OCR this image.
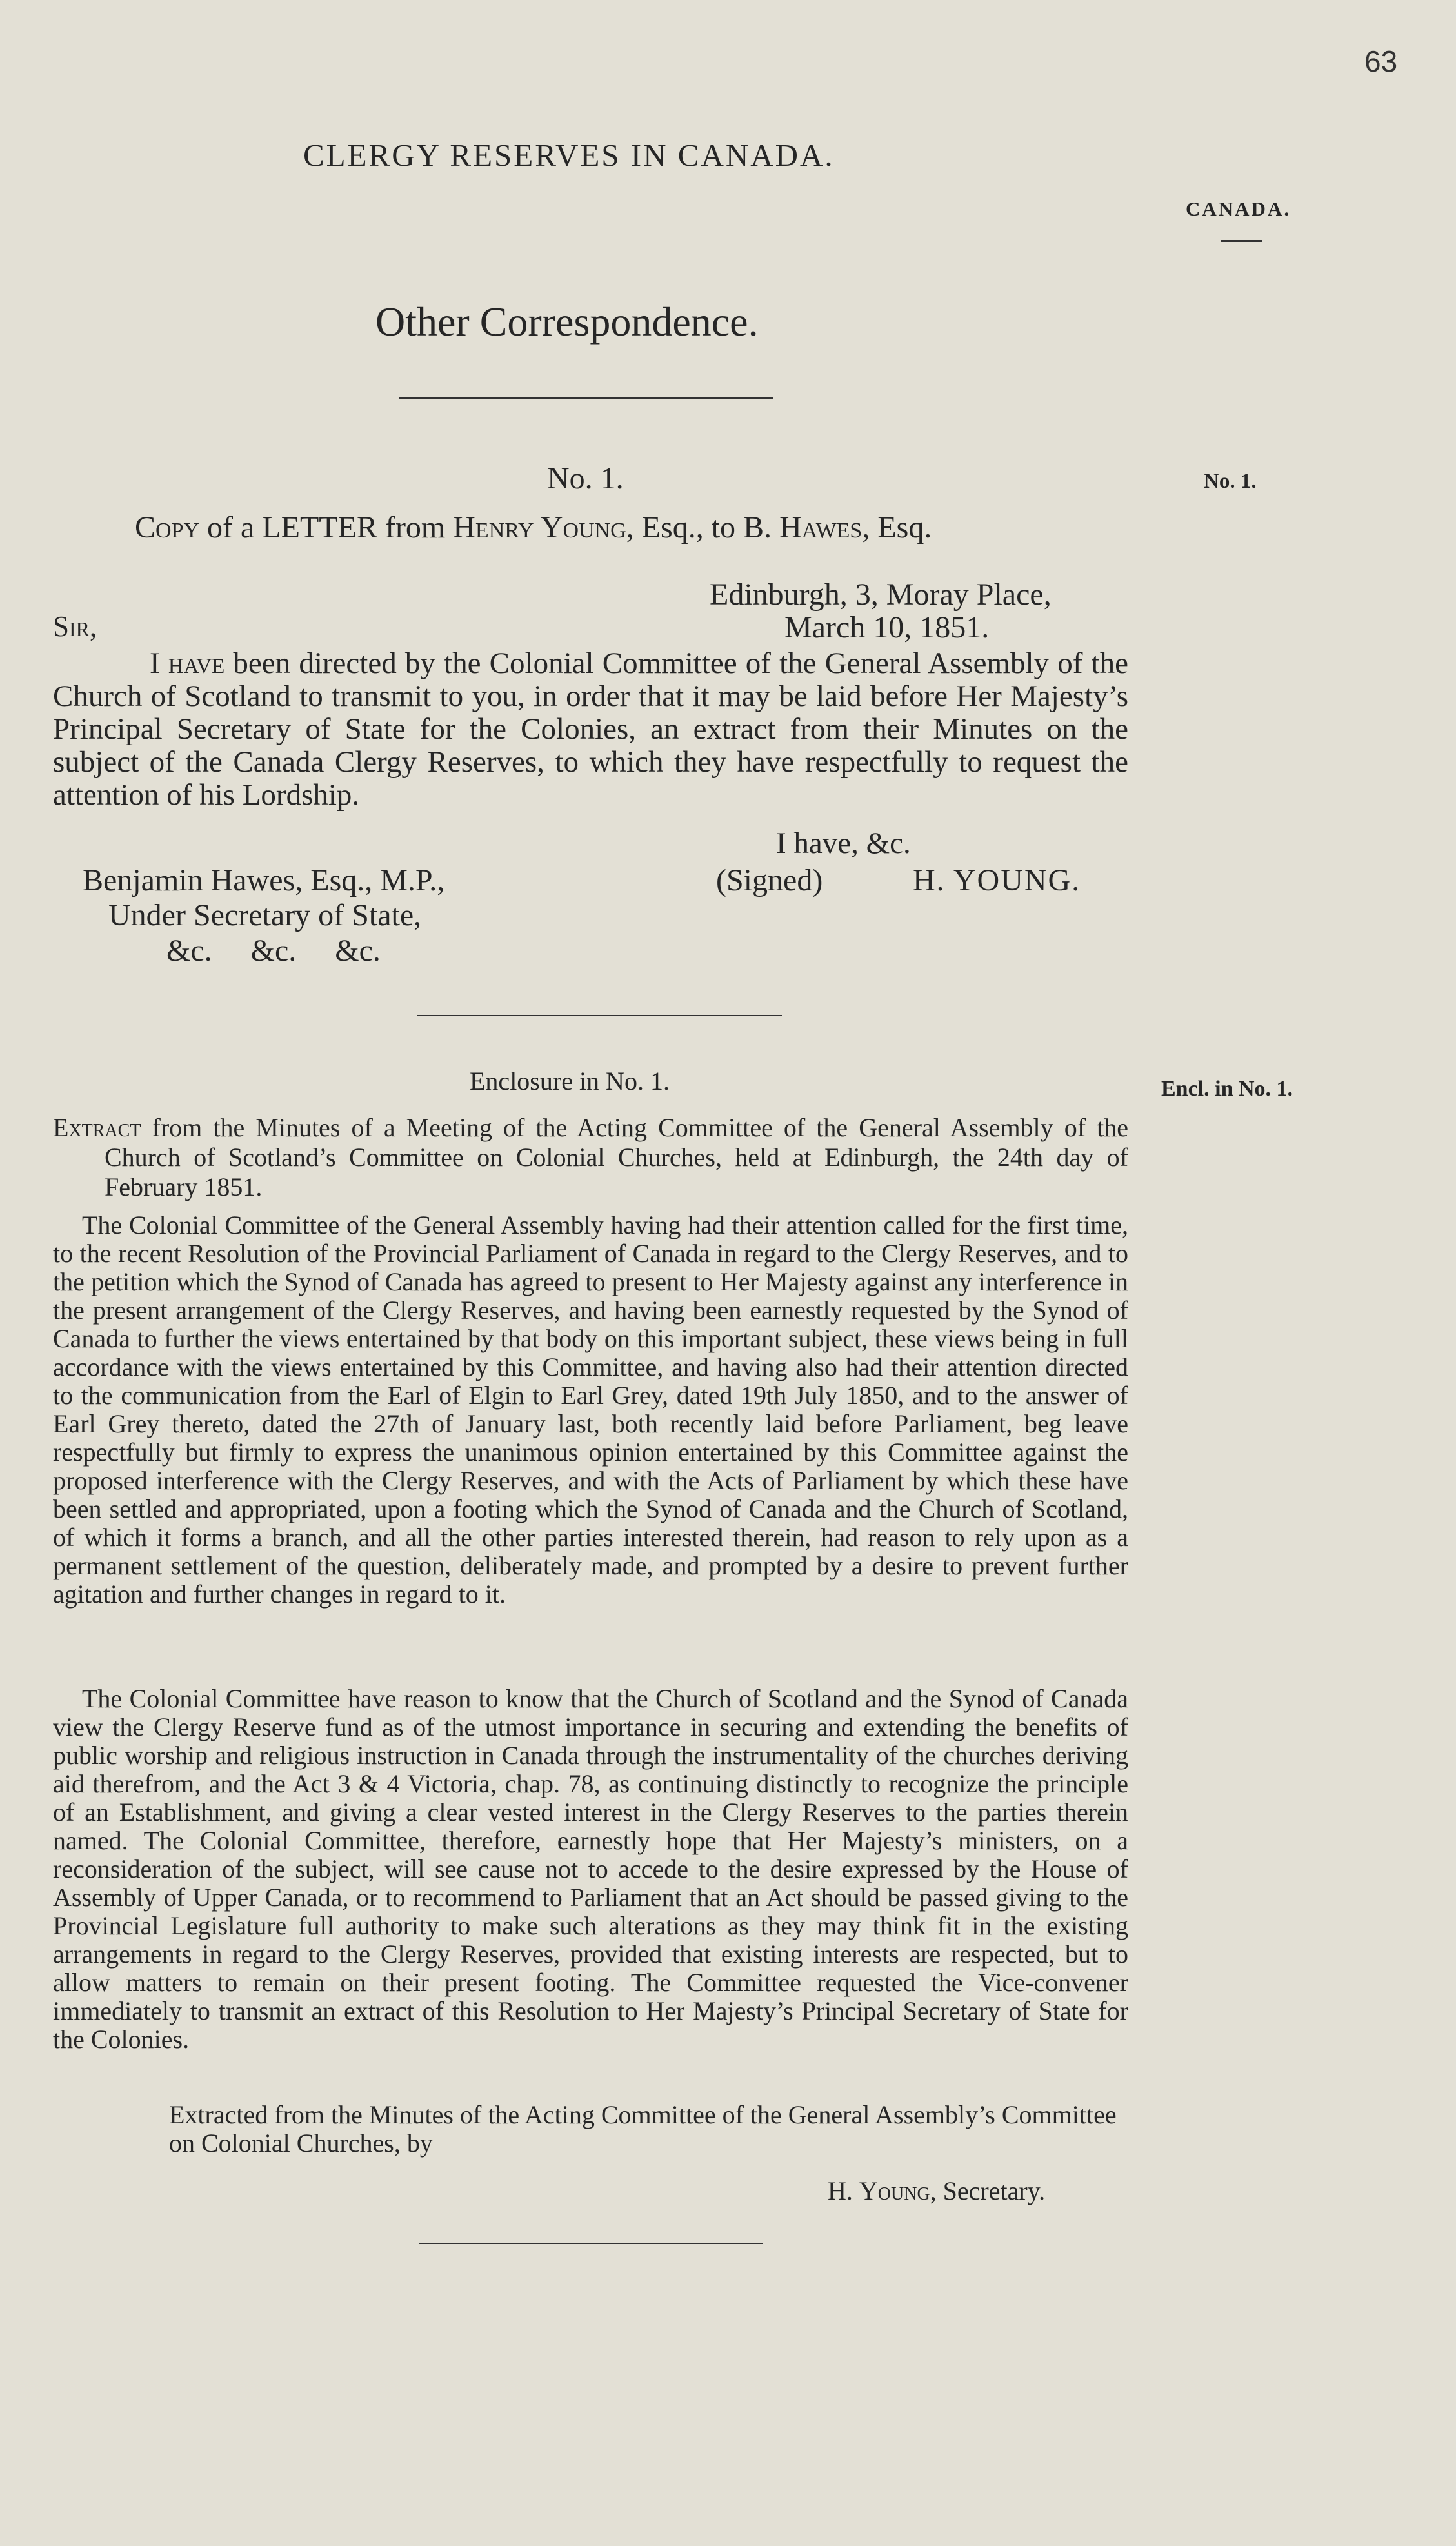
63
CLERGY RESERVES IN CANADA.
CANADA.
Other Correspondence.
No. 1.	No. 1.
Copy of a LETTER from Henry Young, Esq., to B. Hawes, Esq.
Edinburgh, 3, Moray Place,
Sir,	March 10, 1851.

I have been directed by the Colonial Committee of the General Assembly of the Church of Scotland to transmit to you, in order that it may be laid before Her Majesty’s Principal Secretary of State for the Colonies, an extract from their Minutes on the subject of the Canada Clergy Reserves, to which they have respectfully to request the attention of his Lordship.

I have, &c.
Benjamin Hawes, Esq., M.P.,	(Signed)	H. YOUNG.
Under Secretary of State,
&c.     &c.     &c.
Enclosure in No. 1.	Encl. in No. 1.

Extract from the Minutes of a Meeting of the Acting Committee of the General Assembly of the Church of Scotland’s Committee on Colonial Churches, held at Edinburgh, the 24th day of February 1851.

The Colonial Committee of the General Assembly having had their attention called for the first time, to the recent Resolution of the Provincial Parliament of Canada in regard to the Clergy Reserves, and to the petition which the Synod of Canada has agreed to present to Her Majesty against any interference in the present arrangement of the Clergy Reserves, and having been earnestly requested by the Synod of Canada to further the views entertained by that body on this important subject, these views being in full accordance with the views entertained by this Committee, and having also had their attention directed to the communication from the Earl of Elgin to Earl Grey, dated 19th July 1850, and to the answer of Earl Grey thereto, dated the 27th of January last, both recently laid before Parliament, beg leave respectfully but firmly to express the unanimous opinion entertained by this Committee against the proposed interference with the Clergy Reserves, and with the Acts of Parliament by which these have been settled and appropriated, upon a footing which the Synod of Canada and the Church of Scotland, of which it forms a branch, and all the other parties interested therein, had reason to rely upon as a permanent settlement of the question, deliberately made, and prompted by a desire to prevent further agitation and further changes in regard to it.

The Colonial Committee have reason to know that the Church of Scotland and the Synod of Canada view the Clergy Reserve fund as of the utmost importance in securing and extending the benefits of public worship and religious instruction in Canada through the instrumentality of the churches deriving aid therefrom, and the Act 3 & 4 Victoria, chap. 78, as continuing distinctly to recognize the principle of an Establishment, and giving a clear vested interest in the Clergy Reserves to the parties therein named. The Colonial Committee, therefore, earnestly hope that Her Majesty’s ministers, on a reconsideration of the subject, will see cause not to accede to the desire expressed by the House of Assembly of Upper Canada, or to recommend to Parliament that an Act should be passed giving to the Provincial Legislature full authority to make such alterations as they may think fit in the existing arrangements in regard to the Clergy Reserves, provided that existing interests are respected, but to allow matters to remain on their present footing. The Committee requested the Vice-convener immediately to transmit an extract of this Resolution to Her Majesty’s Principal Secretary of State for the Colonies.

Extracted from the Minutes of the Acting Committee of the General Assembly’s Committee on Colonial Churches, by

H. Young, Secretary.
